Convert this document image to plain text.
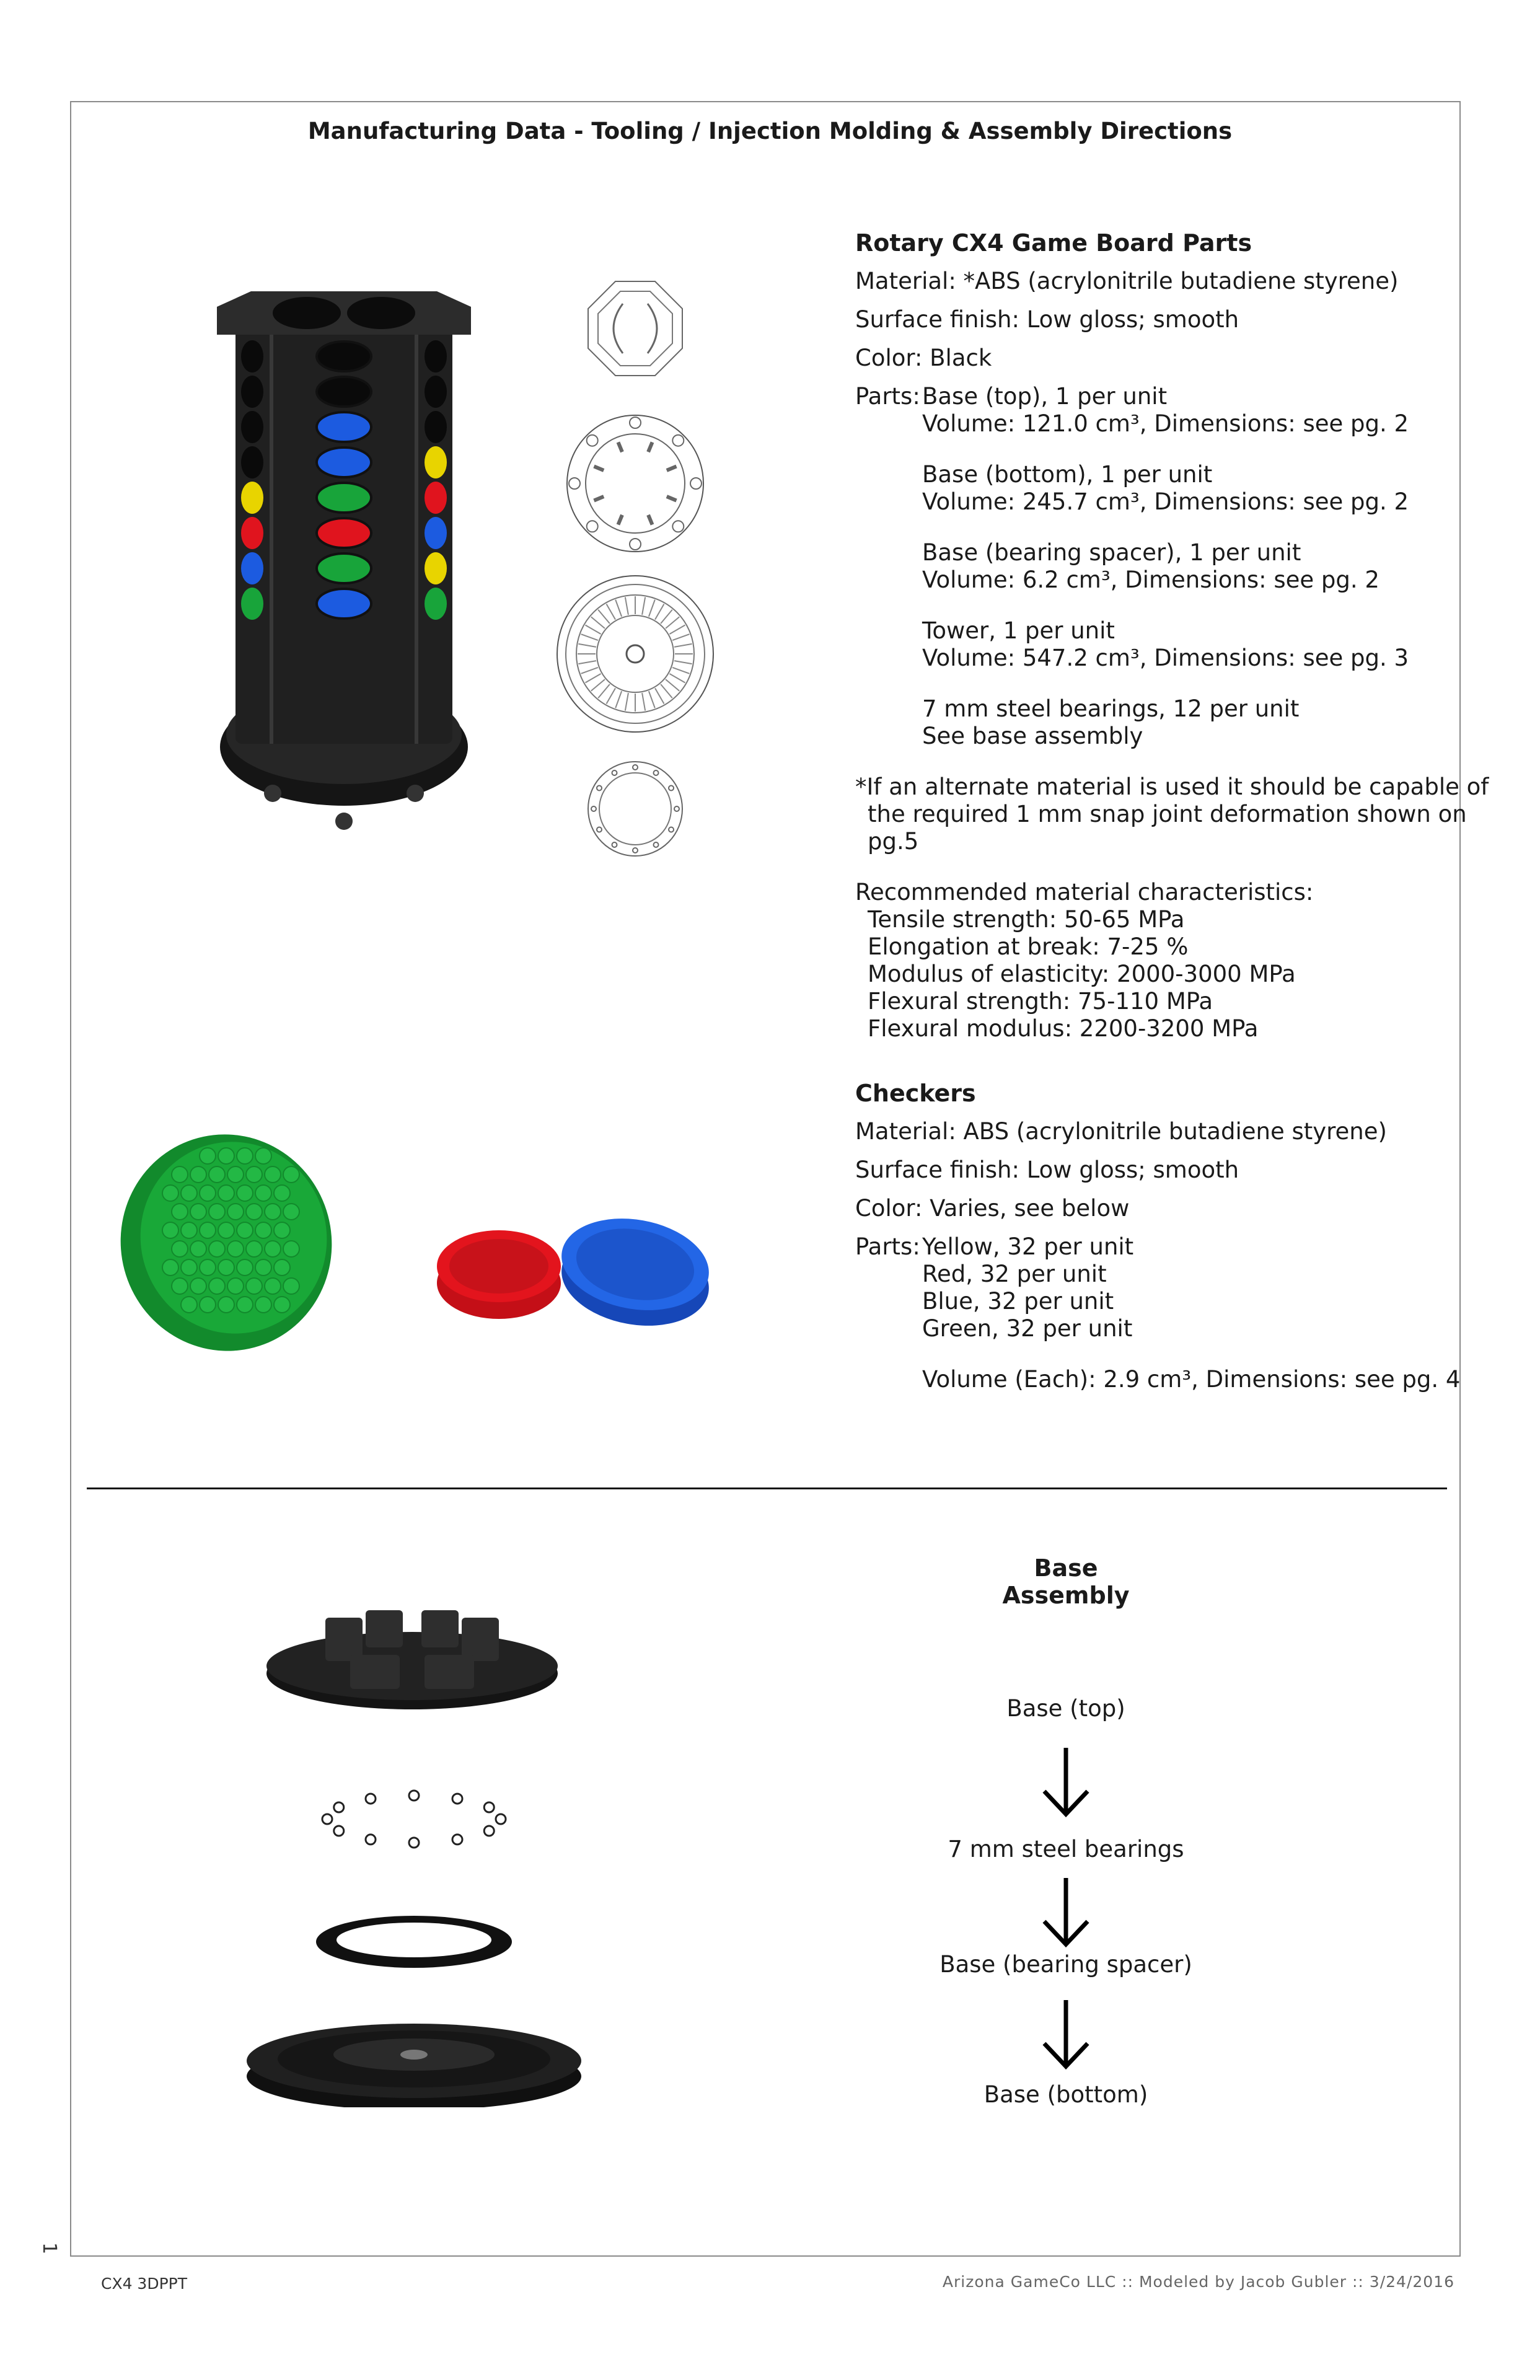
Manufacturing Data - Tooling / Injection Molding & Assembly Directions
Rotary CX4 Game Board Parts
Material: *ABS (acrylonitrile butadiene styrene)
Surface finish: Low gloss; smooth
Color: Black
Parts: Base (top), 1 per unit
Volume: 121.0 cm³, Dimensions: see pg. 2
Base (bottom), 1 per unit
Volume: 245.7 cm³, Dimensions: see pg. 2
Base (bearing spacer), 1 per unit
Volume: 6.2 cm³, Dimensions: see pg. 2
Tower, 1 per unit
Volume: 547.2 cm³, Dimensions: see pg. 3
7 mm steel bearings, 12 per unit
See base assembly
*If an alternate material is used it should be capable of
the required 1 mm snap joint deformation shown on
pg.5
Recommended material characteristics:
Tensile strength: 50-65 MPa
Elongation at break: 7-25 %
Modulus of elasticity: 2000-3000 MPa
Flexural strength: 75-110 MPa
Flexural modulus: 2200-3200 MPa
Checkers
Material: ABS (acrylonitrile butadiene styrene)
Surface finish: Low gloss; smooth
Color: Varies, see below
Parts: Yellow, 32 per unit
Red, 32 per unit
Blue, 32 per unit
Green, 32 per unit
Volume (Each): 2.9 cm³, Dimensions: see pg. 4
Base Assembly
Base (top)
7 mm steel bearings
Base (bearing spacer)
Base (bottom)
1
CX4 3DPPT	Arizona GameCo LLC :: Modeled by Jacob Gubler :: 3/24/2016
